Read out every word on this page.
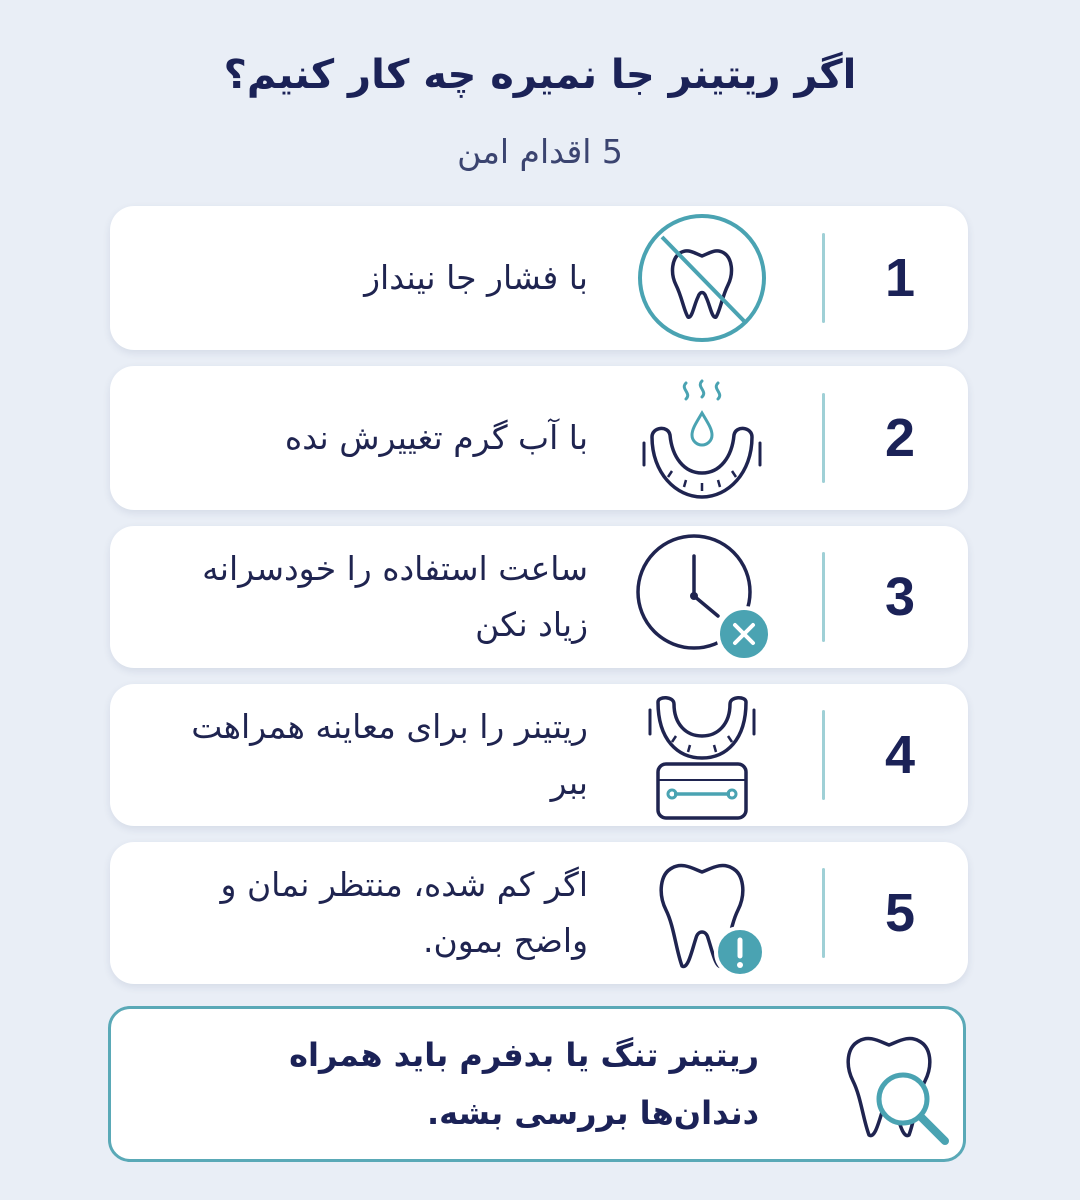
اگر ریتینر جا نمیره چه کار کنیم؟
5 اقدام امن
1
با فشار جا نینداز
2
با آب گرم تغییرش نده
3
ساعت استفاده را خودسرانه زیاد نکن
4
ریتینر را برای معاینه همراهت ببر
5
اگر کم شده، منتظر نمان و واضح بمون.
ریتینر تنگ یا بدفرم باید همراه دندان‌ها بررسی بشه.
